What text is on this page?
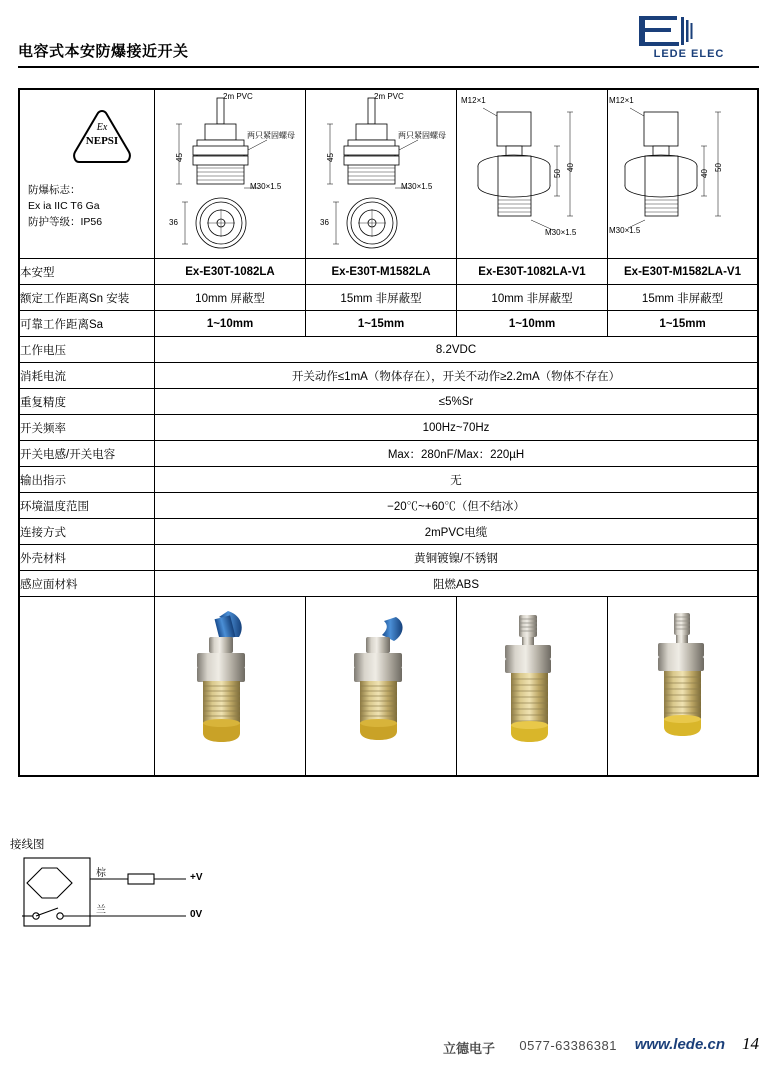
电容式本安防爆接近开关	LEDE ELEC
Ex
NEPSI
防爆标志：
Ex ia IIC T6 Ga
防护等级：IP56

2m PVC
两只紧固螺母
45
M30×1.5
36

2m PVC
两只紧固螺母
45
M30×1.5
36

M12×1
50
40
M30×1.5

M12×1
40
50
M30×1.5

本安型	Ex-E30T-1082LA	Ex-E30T-M1582LA	Ex-E30T-1082LA-V1	Ex-E30T-M1582LA-V1
额定工作距离Sn 安装	10mm 屏蔽型	15mm 非屏蔽型	10mm 非屏蔽型	15mm 非屏蔽型
可靠工作距离Sa	1~10mm	1~15mm	1~10mm	1~15mm
工作电压	8.2VDC			
消耗电流	开关动作≤1mA（物体存在），开关不动作≥2.2mA（物体不存在）			
重复精度	≤5%Sr			
开关频率	100Hz~70Hz			
开关电感/开关电容	Max：280nF/Max：220µH			
输出指示	无			
环境温度范围	−20℃~+60℃（但不结冰）			
连接方式	2mPVC电缆			
外壳材料	黄铜镀镍/不锈钢			
感应面材料	阻燃ABS			

接线图
棕
兰
+V
0V
立德电子 0577-63386381 www.lede.cn 14
